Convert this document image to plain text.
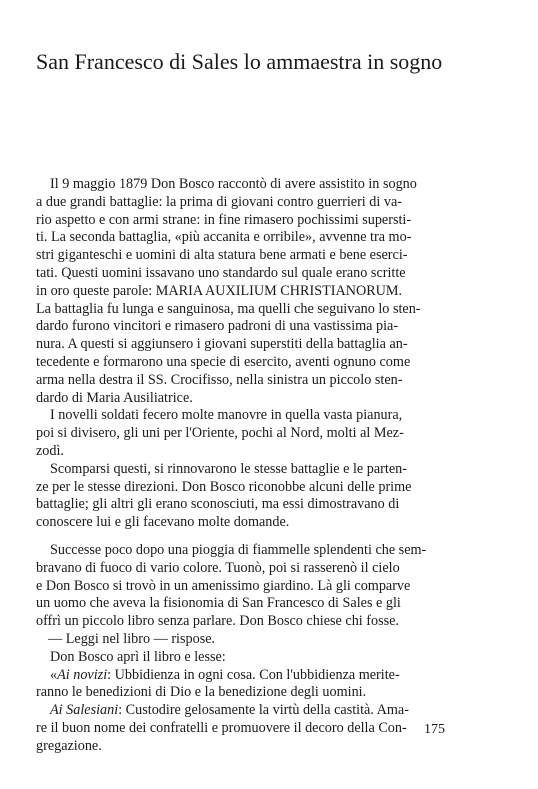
San Francesco di Sales lo ammaestra in sogno
Il 9 maggio 1879 Don Bosco raccontò di avere assistito in sogno
a due grandi battaglie: la prima di giovani contro guerrieri di va-
rio aspetto e con armi strane: in fine rimasero pochissimi supersti-
ti. La seconda battaglia, «più accanita e orribile», avvenne tra mo-
stri giganteschi e uomini di alta statura bene armati e bene eserci-
tati. Questi uomini issavano uno standardo sul quale erano scritte
in oro queste parole: MARIA AUXILIUM CHRISTIANORUM.
La battaglia fu lunga e sanguinosa, ma quelli che seguivano lo sten-
dardo furono vincitori e rimasero padroni di una vastissima pia-
nura. A questi si aggiunsero i giovani superstiti della battaglia an-
tecedente e formarono una specie di esercito, aventi ognuno come
arma nella destra il SS. Crocifisso, nella sinistra un piccolo sten-
dardo di Maria Ausiliatrice.
I novelli soldati fecero molte manovre in quella vasta pianura,
poi si divisero, gli uni per l'Oriente, pochi al Nord, molti al Mez-
zodì.
Scomparsi questi, si rinnovarono le stesse battaglie e le parten-
ze per le stesse direzioni. Don Bosco riconobbe alcuni delle prime
battaglie; gli altri gli erano sconosciuti, ma essi dimostravano di
conoscere lui e gli facevano molte domande.
Successe poco dopo una pioggia di fiammelle splendenti che sem-
bravano di fuoco di vario colore. Tuonò, poi si rasserenò il cielo
e Don Bosco si trovò in un amenissimo giardino. Là gli comparve
un uomo che aveva la fisionomia di San Francesco di Sales e gli
offrì un piccolo libro senza parlare. Don Bosco chiese chi fosse.
— Leggi nel libro — rispose.
Don Bosco aprì il libro e lesse:
«Ai novizi: Ubbidienza in ogni cosa. Con l'ubbidienza merite-
ranno le benedizioni di Dio e la benedizione degli uomini.
Ai Salesiani: Custodire gelosamente la virtù della castità. Ama-
re il buon nome dei confratelli e promuovere il decoro della Con-
gregazione.
175
